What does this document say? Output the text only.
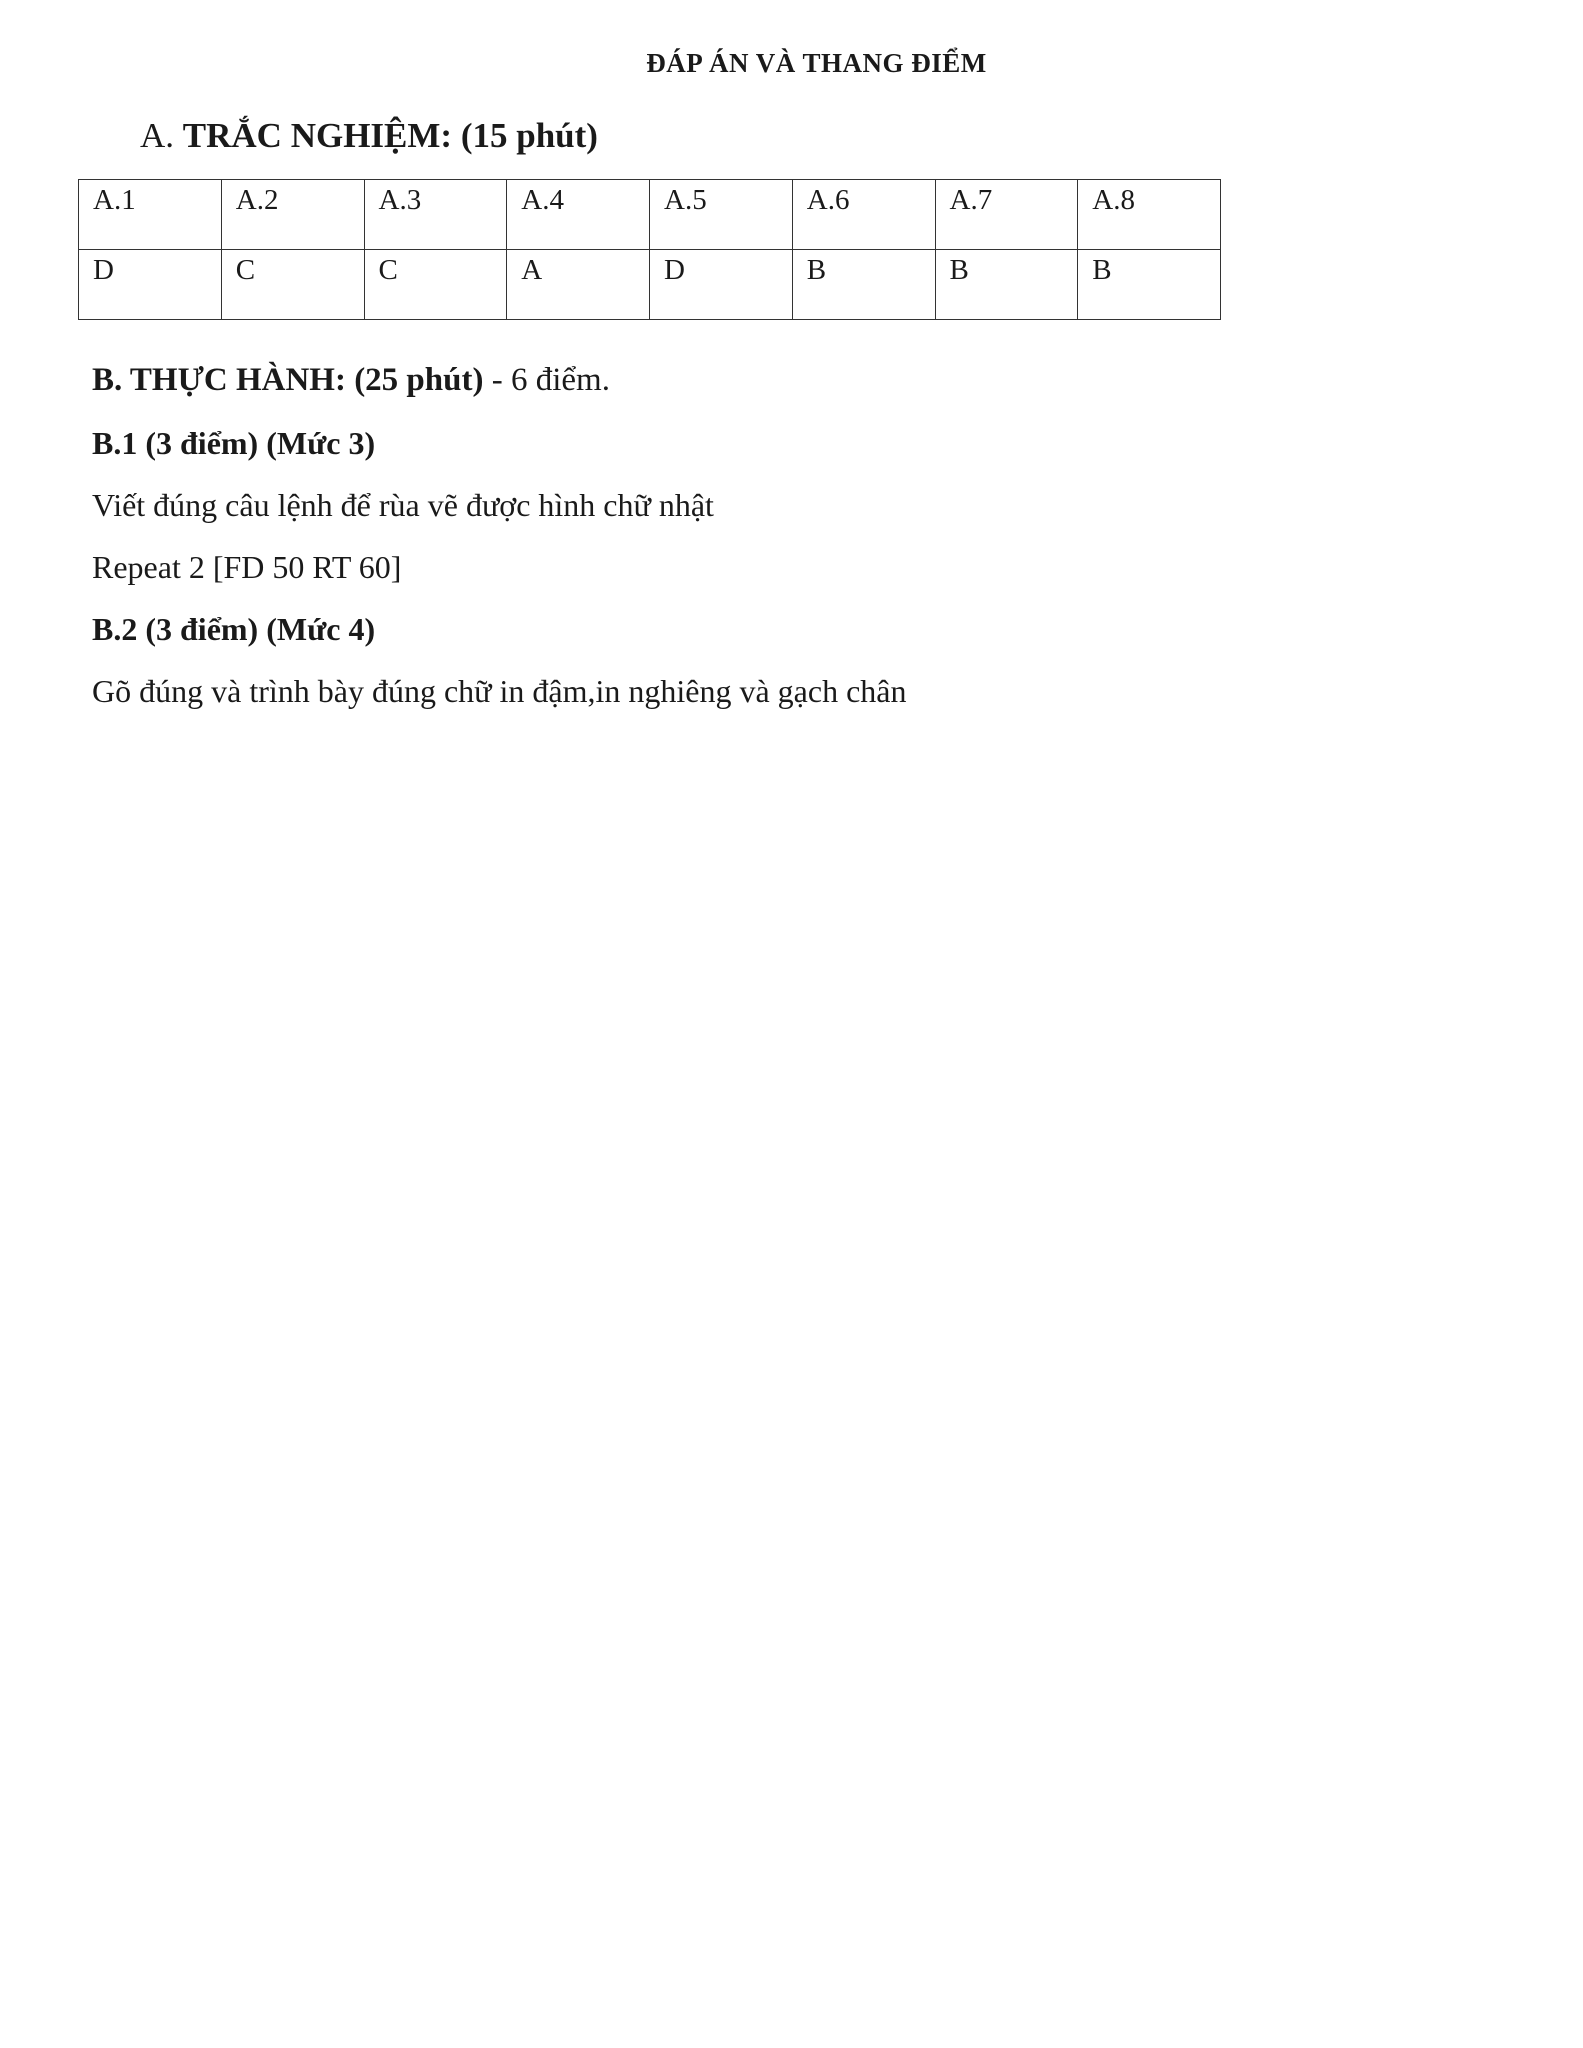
ĐÁP ÁN VÀ THANG ĐIỂM
A. TRẮC NGHIỆM: (15 phút)
A.1	A.2	A.3	A.4	A.5	A.6	A.7	A.8
D	C	C	A	D	B	B	B
B. THỰC HÀNH: (25 phút) - 6 điểm.
B.1 (3 điểm) (Mức 3)
Viết đúng câu lệnh để rùa vẽ được hình chữ nhật
Repeat 2 [FD 50 RT 60]
B.2 (3 điểm) (Mức 4)
Gõ đúng và trình bày đúng chữ in đậm,in nghiêng và gạch chân
